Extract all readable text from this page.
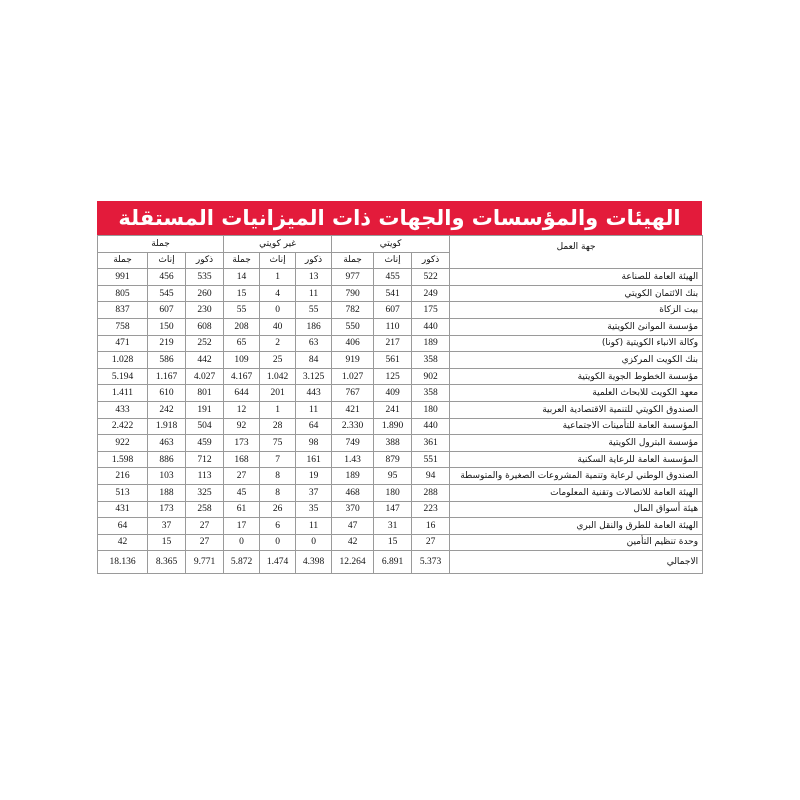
الهيئات والمؤسسات والجهات ذات الميزانيات المستقلة
جهة العمل	كويتي			غير كويتي			جملة		
	ذكور	إناث	جملة	ذكور	إناث	جملة	ذكور	إناث	جملة
الهيئة العامة للصناعة	522	455	977	13	1	14	535	456	991
بنك الائتمان الكويتي	249	541	790	11	4	15	260	545	805
بيت الزكاة	175	607	782	55	0	55	230	607	837
مؤسسة الموانئ الكويتية	440	110	550	186	40	208	608	150	758
وكالة الانباء الكويتية (كونا)	189	217	406	63	2	65	252	219	471
بنك الكويت المركزي	358	561	919	84	25	109	442	586	1.028
مؤسسة الخطوط الجوية الكويتية	902	125	1.027	3.125	1.042	4.167	4.027	1.167	5.194
معهد الكويت للابحاث العلمية	358	409	767	443	201	644	801	610	1.411
الصندوق الكويتي للتنمية الاقتصادية العربية	180	241	421	11	1	12	191	242	433
المؤسسة العامة للتأمينات الاجتماعية	440	1.890	2.330	64	28	92	504	1.918	2.422
مؤسسة البترول الكويتية	361	388	749	98	75	173	459	463	922
المؤسسة العامة للرعاية السكنية	551	879	1.43	161	7	168	712	886	1.598
الصندوق الوطني لرعاية وتنمية المشروعات الصغيرة والمتوسطة	94	95	189	19	8	27	113	103	216
الهيئة العامة للاتصالات وتقنية المعلومات	288	180	468	37	8	45	325	188	513
هيئة أسواق المال	223	147	370	35	26	61	258	173	431
الهيئة العامة للطرق والنقل البري	16	31	47	11	6	17	27	37	64
وحدة تنظيم التأمين	27	15	42	0	0	0	27	15	42
الاجمالي	5.373	6.891	12.264	4.398	1.474	5.872	9.771	8.365	18.136
